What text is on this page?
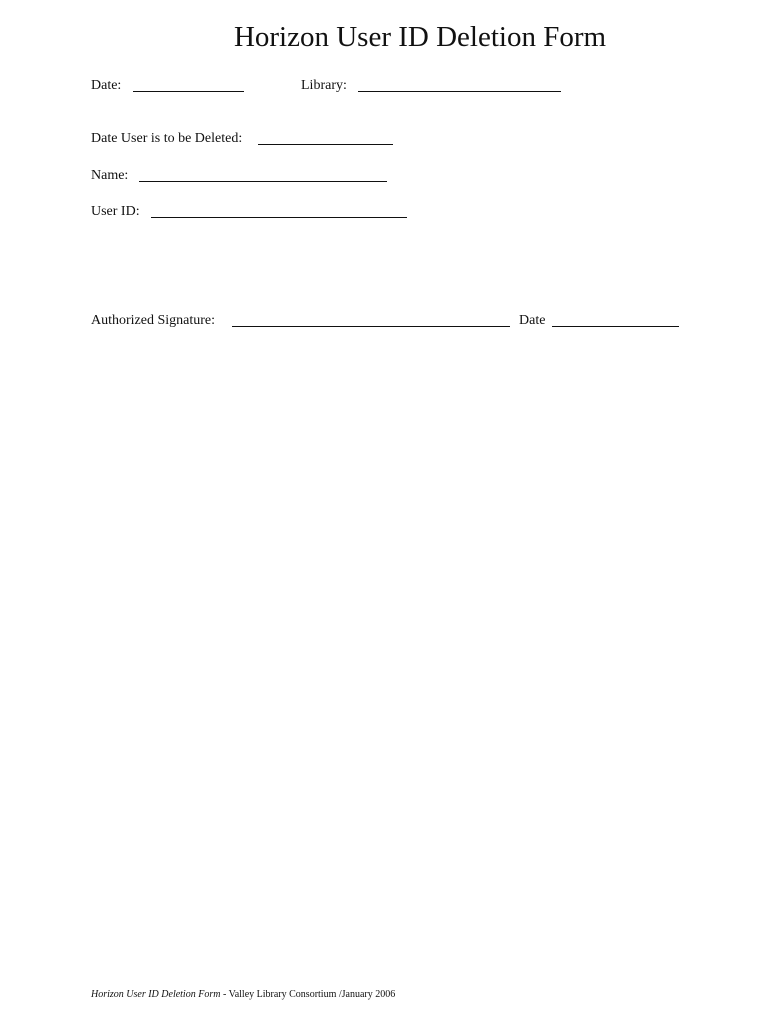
Horizon User ID Deletion Form
Date:	Library:
Date User is to be Deleted:
Name:
User ID:
Authorized Signature:	Date
Horizon User ID Deletion Form - Valley Library Consortium /January 2006
